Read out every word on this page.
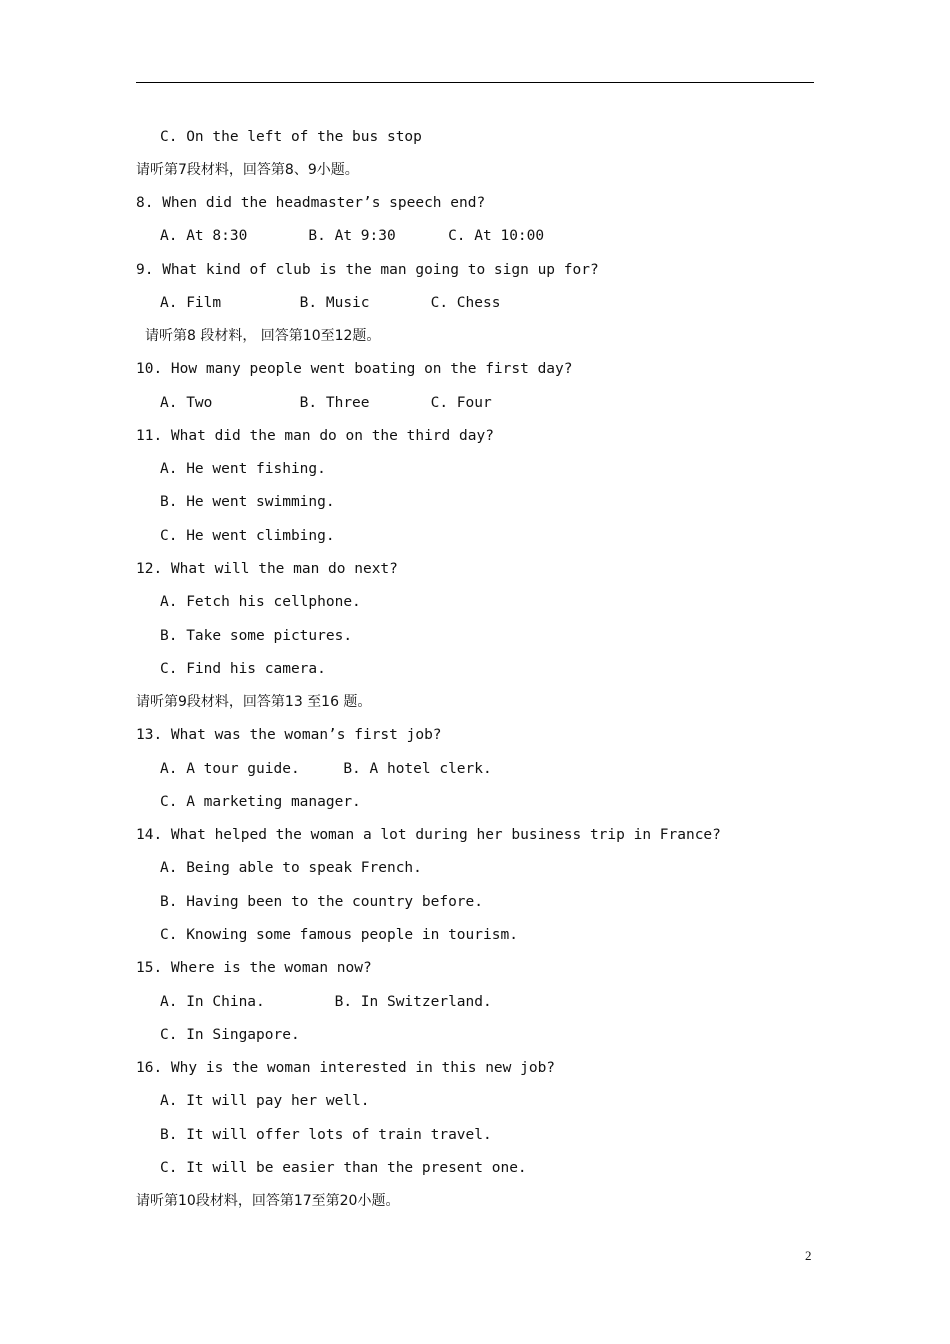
C. On the left of the bus stop
请听第7段材料，回答第8、9小题。
8. When did the headmaster’s speech end?
A. At 8:30       B. At 9:30      C. At 10:00
9. What kind of club is the man going to sign up for?
A. Film         B. Music       C. Chess
请听第8 段材料， 回答第10至12题。
10. How many people went boating on the first day?
A. Two          B. Three       C. Four
11. What did the man do on the third day?
A. He went fishing.
B. He went swimming.
C. He went climbing.
12. What will the man do next?
A. Fetch his cellphone.
B. Take some pictures.
C. Find his camera.
请听第9段材料，回答第13 至16 题。
13. What was the woman’s first job?
A. A tour guide.     B. A hotel clerk.
C. A marketing manager.
14. What helped the woman a lot during her business trip in France?
A. Being able to speak French.
B. Having been to the country before.
C. Knowing some famous people in tourism.
15. Where is the woman now?
A. In China.        B. In Switzerland.
C. In Singapore.
16. Why is the woman interested in this new job?
A. It will pay her well.
B. It will offer lots of train travel.
C. It will be easier than the present one.
请听第10段材料，回答第17至第20小题。
2
